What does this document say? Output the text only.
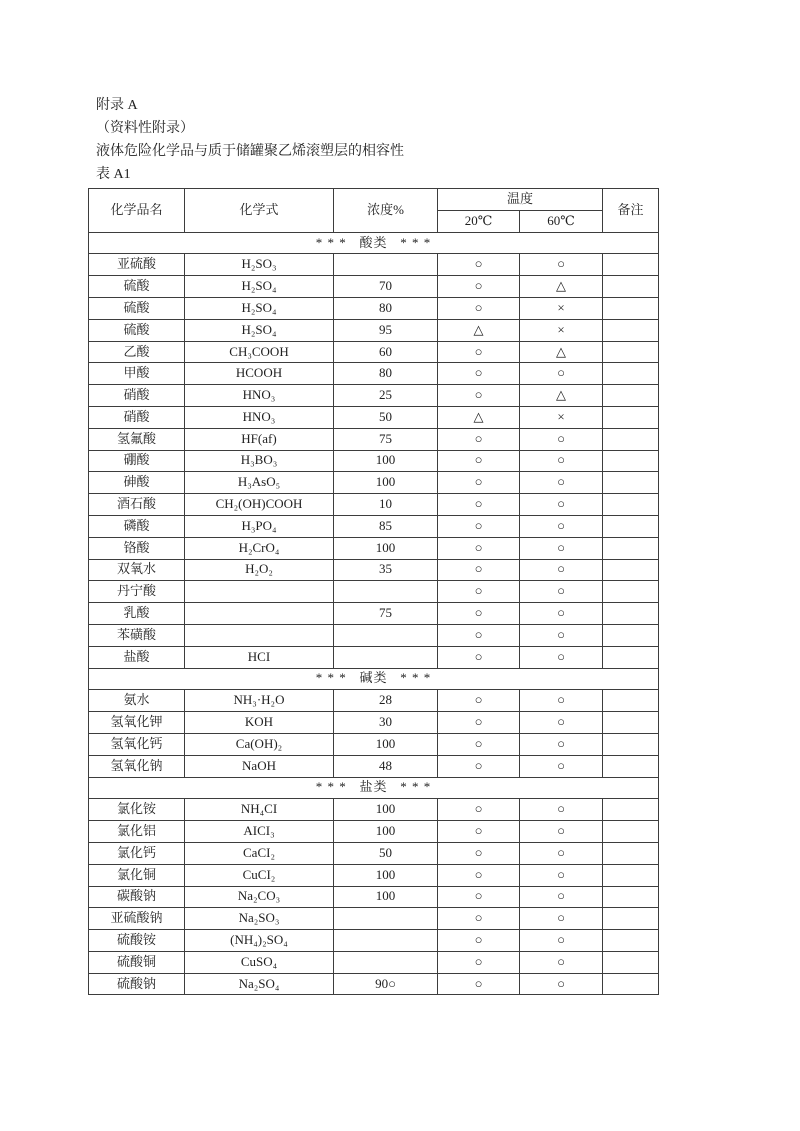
附录 A
（资料性附录）
液体危险化学品与质于储罐聚乙烯滚塑层的相容性
表 A1
化学品名	化学式	浓度%	温度		备注
			20℃	60℃	
* * *   酸类   * * *					
亚硫酸	H₂SO₃		○	○	
硫酸	H₂SO₄	70	○	△	
硫酸	H₂SO₄	80	○	×	
硫酸	H₂SO₄	95	△	×	
乙酸	CH₃COOH	60	○	△	
甲酸	HCOOH	80	○	○	
硝酸	HNO₃	25	○	△	
硝酸	HNO₃	50	△	×	
氢氟酸	HF(af)	75	○	○	
硼酸	H₃BO₃	100	○	○	
砷酸	H₃AsO₅	100	○	○	
酒石酸	CH₂(OH)COOH	10	○	○	
磷酸	H₃PO₄	85	○	○	
铬酸	H₂CrO₄	100	○	○	
双氧水	H₂O₂	35	○	○	
丹宁酸			○	○	
乳酸		75	○	○	
苯磺酸			○	○	
盐酸	HCI		○	○	
* * *   碱类   * * *					
氨水	NH₃·H₂O	28	○	○	
氢氧化钾	KOH	30	○	○	
氢氧化钙	Ca(OH)₂	100	○	○	
氢氧化钠	NaOH	48	○	○	
* * *   盐类   * * *					
氯化铵	NH₄CI	100	○	○	
氯化铝	AICI₃	100	○	○	
氯化钙	CaCI₂	50	○	○	
氯化铜	CuCI₂	100	○	○	
碳酸钠	Na₂CO₃	100	○	○	
亚硫酸钠	Na₂SO₃		○	○	
硫酸铵	(NH₄)₂SO₄		○	○	
硫酸铜	CuSO₄		○	○	
硫酸钠	Na₂SO₄	90○	○	○	
